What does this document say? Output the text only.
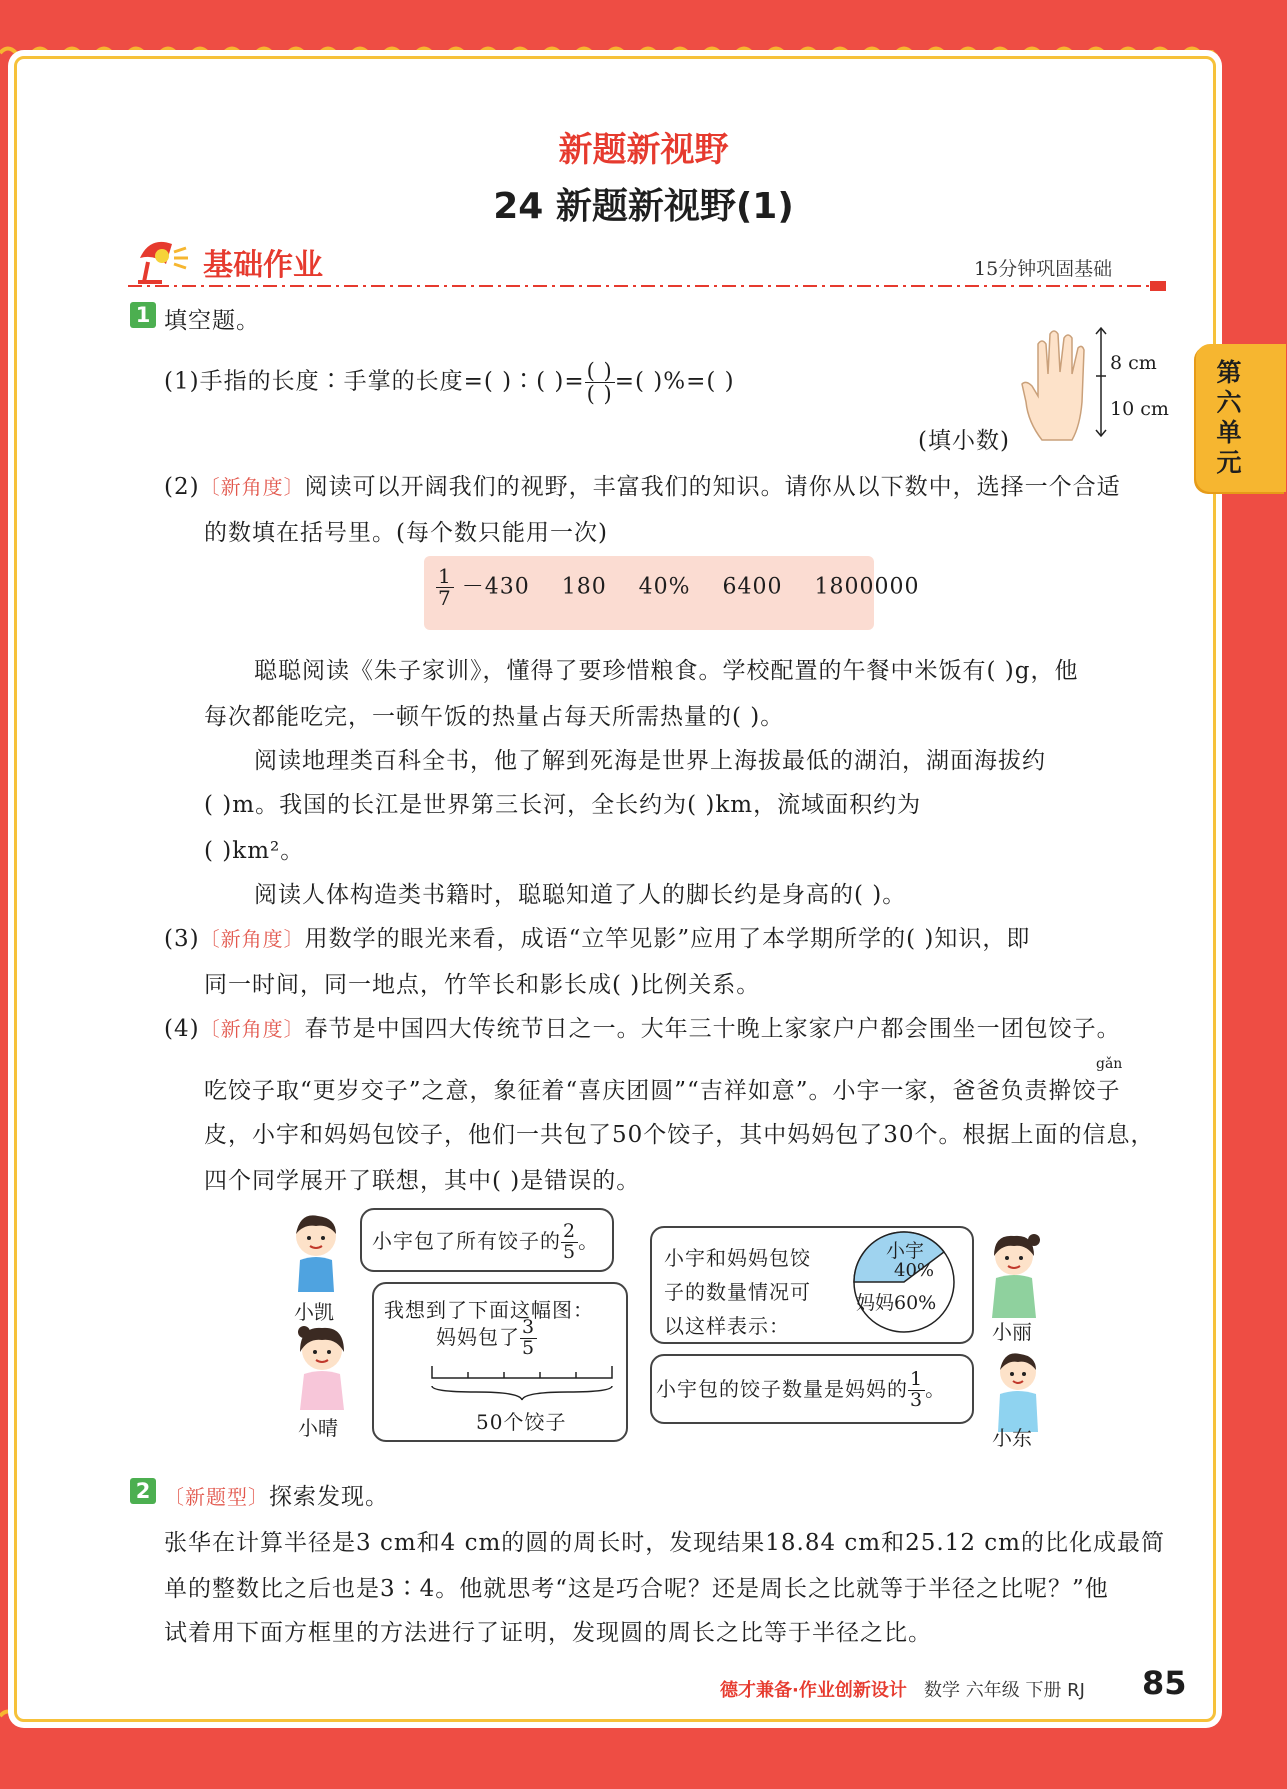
第六单元
新题新视野
24 新题新视野(1)
基础作业	15分钟巩固基础
1 填空题。
(1)手指的长度∶手掌的长度=( )∶( )= $\frac{( )}{( )}$ =( )%=( )
(填小数)
8 cm
10 cm
(2)〔新角度〕阅读可以开阔我们的视野，丰富我们的知识。请你从以下数中，选择一个合适
的数填在括号里。(每个数只能用一次)
$\frac{1}{7} -430$    180    40%    6400    1800000
聪聪阅读《朱子家训》，懂得了要珍惜粮食。学校配置的午餐中米饭有( )g，他
每次都能吃完，一顿午饭的热量占每天所需热量的( )。
阅读地理类百科全书，他了解到死海是世界上海拔最低的湖泊，湖面海拔约
( )m。我国的长江是世界第三长河，全长约为( )km，流域面积约为
( )km²。
阅读人体构造类书籍时，聪聪知道了人的脚长约是身高的( )。
(3)〔新角度〕用数学的眼光来看，成语“立竿见影”应用了本学期所学的( )知识，即
同一时间，同一地点，竹竿长和影长成( )比例关系。
(4)〔新角度〕春节是中国四大传统节日之一。大年三十晚上家家户户都会围坐一团包饺子。
gǎn
吃饺子取“更岁交子”之意，象征着“喜庆团圆”“吉祥如意”。小宇一家，爸爸负责擀饺子
皮，小宇和妈妈包饺子，他们一共包了50个饺子，其中妈妈包了30个。根据上面的信息，
四个同学展开了联想，其中( )是错误的。
小凯
小宇包了所有饺子的 $\frac{2}{5}$ 。
小晴
我想到了下面这幅图：
妈妈包了 $\frac{3}{5}$
50个饺子
小宇和妈妈包饺
子的数量情况可
以这样表示：
小宇
40%
妈妈60%
小丽
小宇包的饺子数量是妈妈的 $\frac{1}{3}$ 。
小东
2 〔新题型〕探索发现。
张华在计算半径是3 cm和4 cm的圆的周长时，发现结果18.84 cm和25.12 cm的比化成最简
单的整数比之后也是3∶4。他就思考“这是巧合呢？还是周长之比就等于半径之比呢？”他
试着用下面方框里的方法进行了证明，发现圆的周长之比等于半径之比。
德才兼备·作业创新设计 数学 六年级 下册 RJ 85
